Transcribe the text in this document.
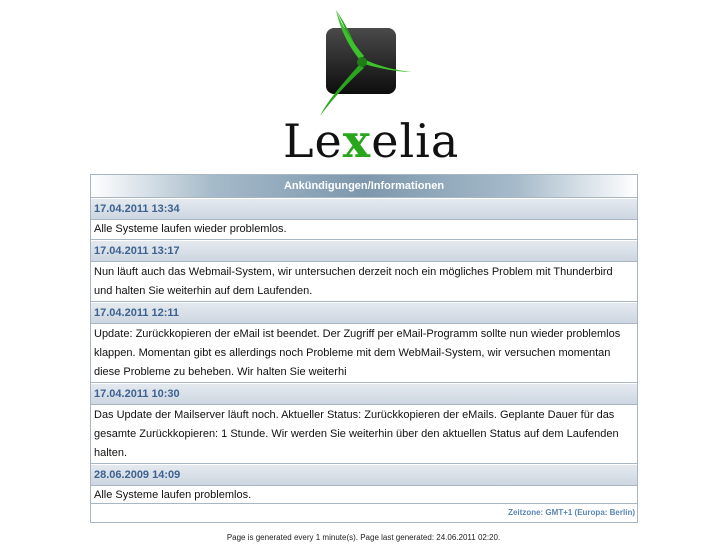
Lexelia
Ankündigungen/Informationen
17.04.2011 13:34
Alle Systeme laufen wieder problemlos.
17.04.2011 13:17
Nun läuft auch das Webmail-System, wir untersuchen derzeit noch ein mögliches Problem mit Thunderbird und halten Sie weiterhin auf dem Laufenden.
17.04.2011 12:11
Update: Zurückkopieren der eMail ist beendet. Der Zugriff per eMail-Programm sollte nun wieder problemlos klappen. Momentan gibt es allerdings noch Probleme mit dem WebMail-System, wir versuchen momentan diese Probleme zu beheben. Wir halten Sie weiterhi
17.04.2011 10:30
Das Update der Mailserver läuft noch. Aktueller Status: Zurückkopieren der eMails. Geplante Dauer für das gesamte Zurückkopieren: 1 Stunde. Wir werden Sie weiterhin über den aktuellen Status auf dem Laufenden halten.
28.06.2009 14:09
Alle Systeme laufen problemlos.
Zeitzone: GMT+1 (Europa: Berlin)
Page is generated every 1 minute(s). Page last generated: 24.06.2011 02:20.
